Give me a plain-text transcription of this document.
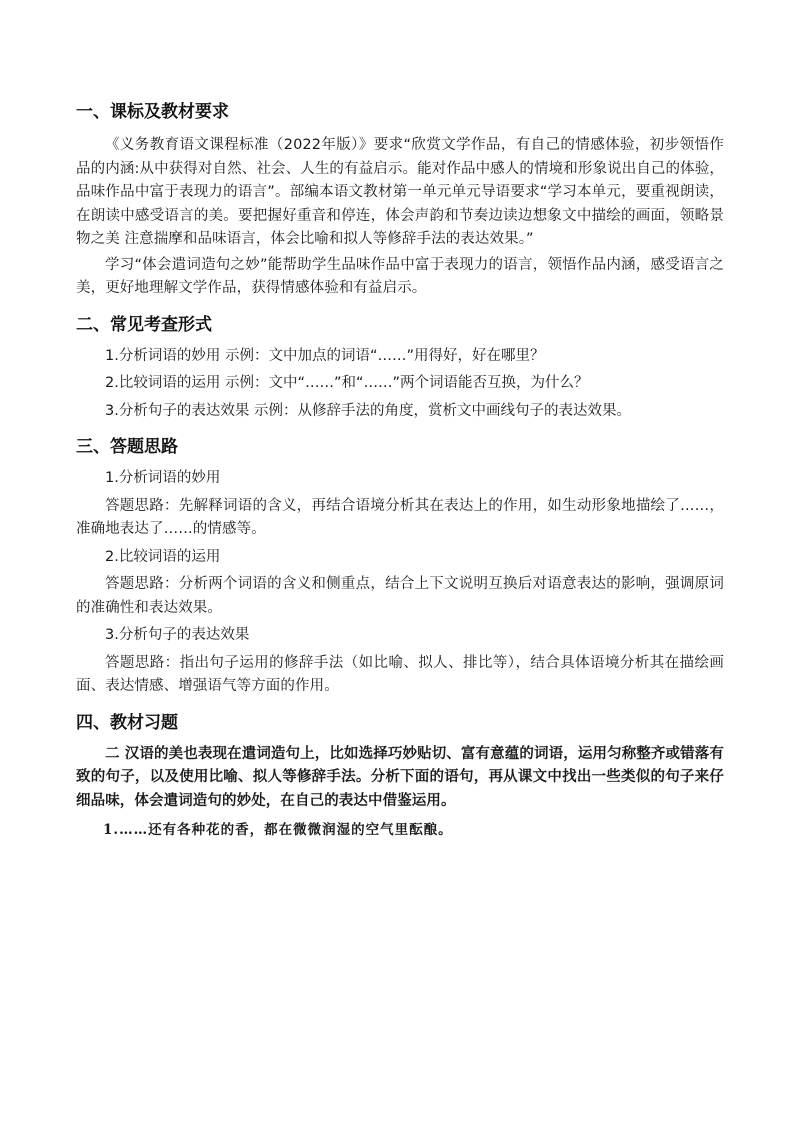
一、课标及教材要求

《义务教育语文课程标准（2022年版）》要求“欣赏文学作品，有自己的情感体验，初步领悟作品的内涵:从中获得对自然、社会、人生的有益启示。能对作品中感人的情境和形象说出自己的体验，品味作品中富于表现力的语言”。部编本语文教材第一单元单元导语要求“学习本单元，要重视朗读，在朗读中感受语言的美。要把握好重音和停连，体会声韵和节奏边读边想象文中描绘的画面，领略景物之美 注意揣摩和品味语言，体会比喻和拟人等修辞手法的表达效果。”

学习“体会遣词造句之妙”能帮助学生品味作品中富于表现力的语言，领悟作品内涵，感受语言之美，更好地理解文学作品，获得情感体验和有益启示。

二、常见考查形式

1.分析词语的妙用 示例：文中加点的词语“……”用得好，好在哪里？

2.比较词语的运用 示例：文中“……”和“……”两个词语能否互换，为什么？

3.分析句子的表达效果 示例：从修辞手法的角度，赏析文中画线句子的表达效果。

三、答题思路

1.分析词语的妙用

答题思路：先解释词语的含义，再结合语境分析其在表达上的作用，如生动形象地描绘了……，准确地表达了……的情感等。

2.比较词语的运用

答题思路：分析两个词语的含义和侧重点，结合上下文说明互换后对语意表达的影响，强调原词的准确性和表达效果。

3.分析句子的表达效果

答题思路：指出句子运用的修辞手法（如比喻、拟人、排比等），结合具体语境分析其在描绘画面、表达情感、增强语气等方面的作用。

四、教材习题

二 汉语的美也表现在遣词造句上，比如选择巧妙贴切、富有意蕴的词语，运用匀称整齐或错落有致的句子，以及使用比喻、拟人等修辞手法。分析下面的语句，再从课文中找出一些类似的句子来仔细品味，体会遣词造句的妙处，在自己的表达中借鉴运用。

1.……还有各种花的香，都在微微润湿的空气里酝酿。
